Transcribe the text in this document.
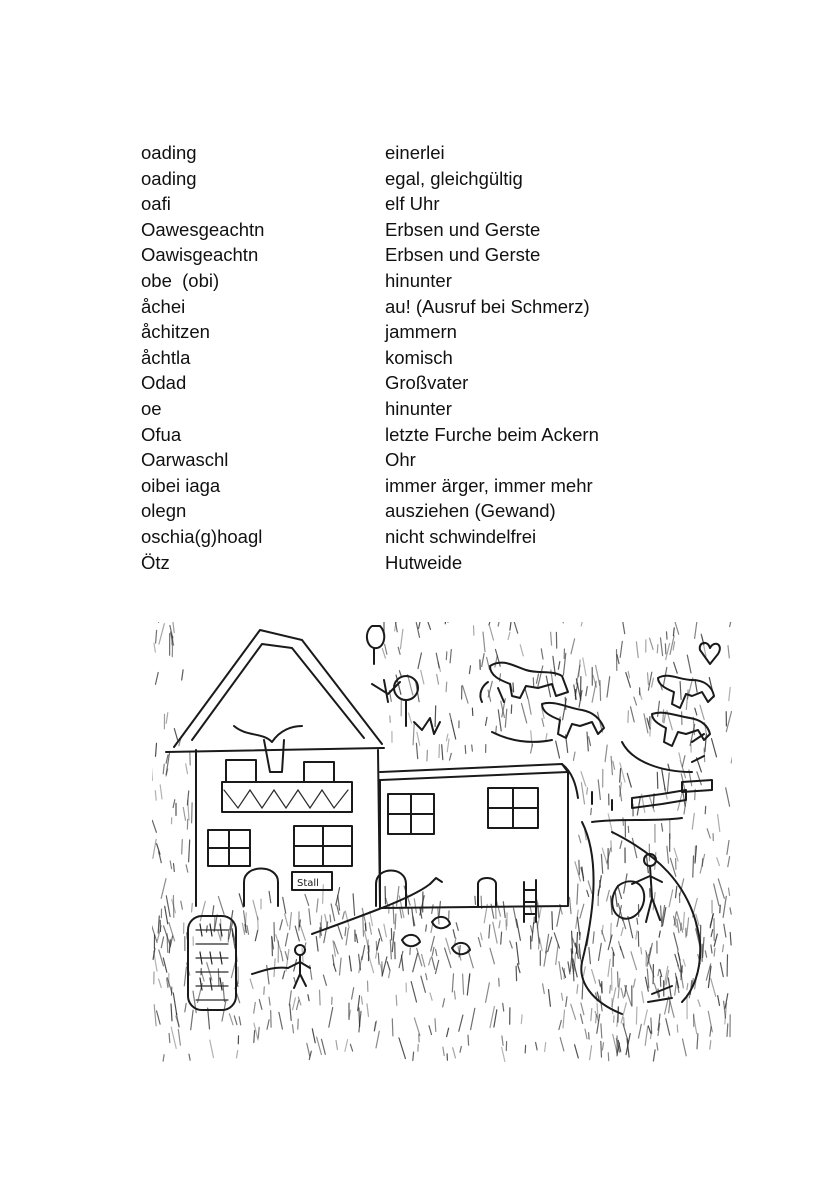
oading	einerlei
oading	egal, gleichgültig
oafi	elf Uhr
Oawesgeachtn	Erbsen und Gerste
Oawisgeachtn	Erbsen und Gerste
obe  (obi)	hinunter
åchei	au! (Ausruf bei Schmerz)
åchitzen	jammern
åchtla	komisch
Odad	Großvater
oe	hinunter
Ofua	letzte Furche beim Ackern
Oarwaschl	Ohr
oibei iaga	immer ärger, immer mehr
olegn	ausziehen (Gewand)
oschia(g)hoagl	nicht schwindelfrei
Ötz	Hutweide
Stall
